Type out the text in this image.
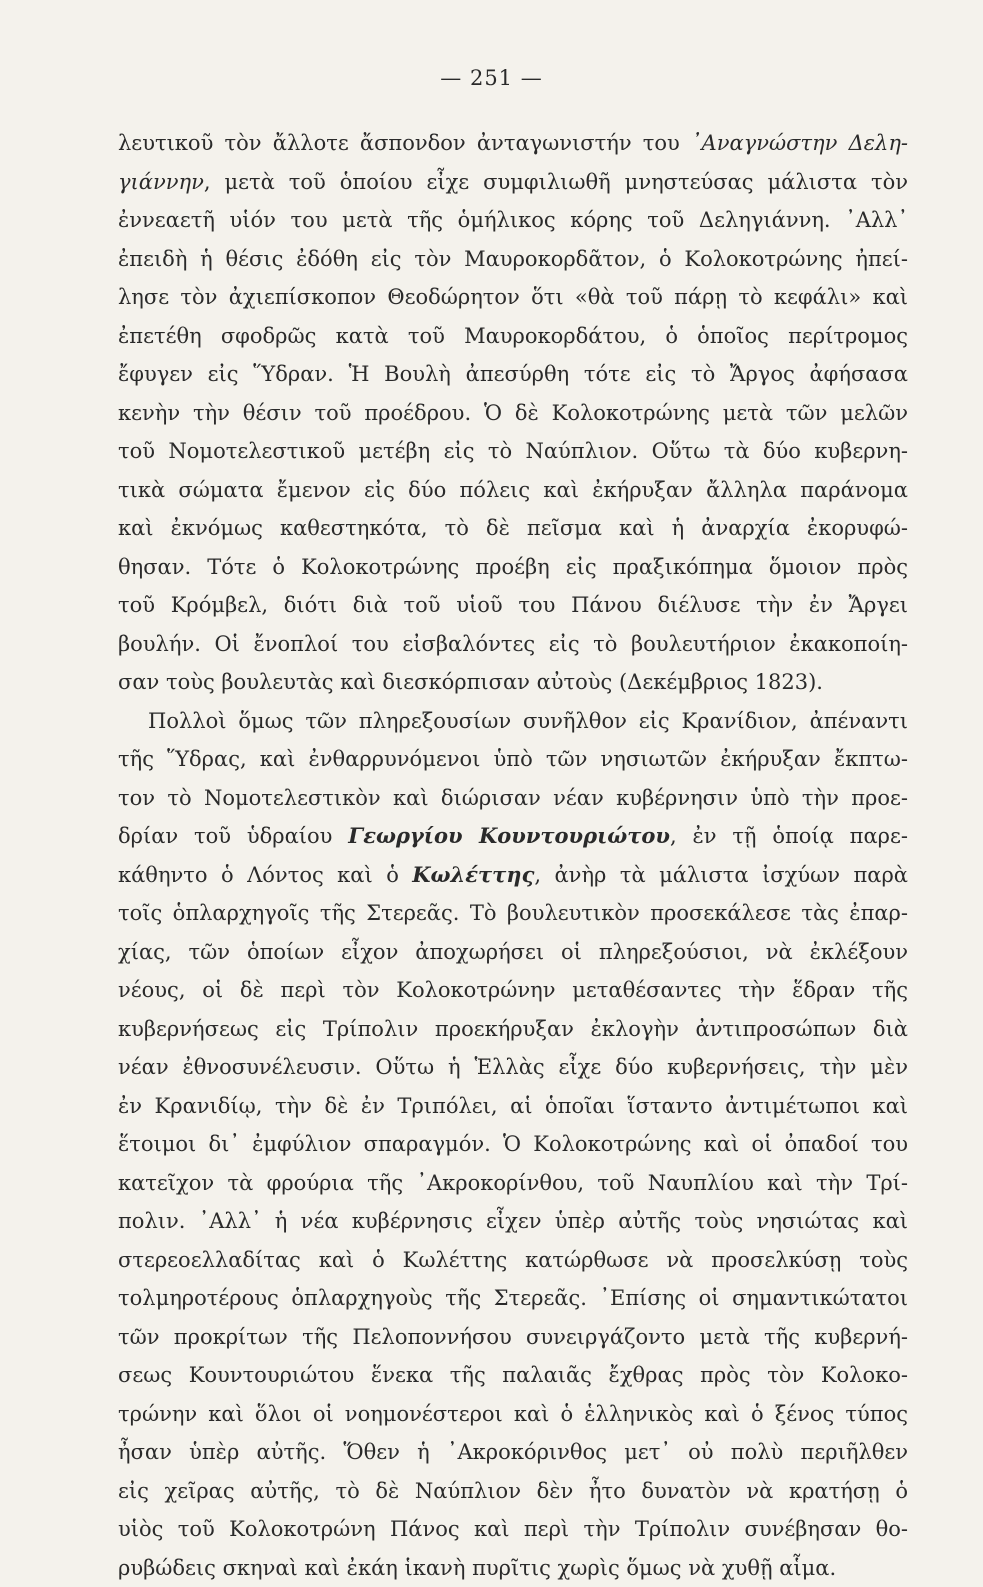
— 251 —
λευτικοῦ τὸν ἄλλοτε ἄσπονδον ἀνταγωνιστήν του ᾽Αναγνώστην Δελη-
γιάννην, μετὰ τοῦ ὁποίου εἶχε συμφιλιωθῆ μνηστεύσας μάλιστα τὸν
ἐννεαετῆ υἱόν του μετὰ τῆς ὁμήλικος κόρης τοῦ Δεληγιάννη. ᾽Αλλ᾽
ἐπειδὴ ἡ θέσις ἐδόθη εἰς τὸν Μαυροκορδᾶτον, ὁ Κολοκοτρώνης ἠπεί-
λησε τὸν ἀχιεπίσκοπον Θεοδώρητον ὅτι «θὰ τοῦ πάρῃ τὸ κεφάλι» καὶ
ἐπετέθη σφοδρῶς κατὰ τοῦ Μαυροκορδάτου, ὁ ὁποῖος περίτρομος
ἔφυγεν εἰς Ὕδραν. Ἡ Βουλὴ ἀπεσύρθη τότε εἰς τὸ Ἄργος ἀφήσασα
κενὴν τὴν θέσιν τοῦ προέδρου. Ὁ δὲ Κολοκοτρώνης μετὰ τῶν μελῶν
τοῦ Νομοτελεστικοῦ μετέβη εἰς τὸ Ναύπλιον. Οὕτω τὰ δύο κυβερνη-
τικὰ σώματα ἔμενον εἰς δύο πόλεις καὶ ἐκήρυξαν ἄλληλα παράνομα
καὶ ἐκνόμως καθεστηκότα, τὸ δὲ πεῖσμα καὶ ἡ ἀναρχία ἐκορυφώ-
θησαν. Τότε ὁ Κολοκοτρώνης προέβη εἰς πραξικόπημα ὅμοιον πρὸς
τοῦ Κρόμβελ, διότι διὰ τοῦ υἱοῦ του Πάνου διέλυσε τὴν ἐν Ἄργει
βουλήν. Οἱ ἔνοπλοί του εἰσβαλόντες εἰς τὸ βουλευτήριον ἐκακοποίη-
σαν τοὺς βουλευτὰς καὶ διεσκόρπισαν αὐτοὺς (Δεκέμβριος 1823).
Πολλοὶ ὅμως τῶν πληρεξουσίων συνῆλθον εἰς Κρανίδιον, ἀπέναντι
τῆς Ὕδρας, καὶ ἐνθαρρυνόμενοι ὑπὸ τῶν νησιωτῶν ἐκήρυξαν ἔκπτω-
τον τὸ Νομοτελεστικὸν καὶ διώρισαν νέαν κυβέρνησιν ὑπὸ τὴν προε-
δρίαν τοῦ ὑδραίου Γεωργίου Κουντουριώτου, ἐν τῇ ὁποίᾳ παρε-
κάθηντο ὁ Λόντος καὶ ὁ Κωλέττης, ἀνὴρ τὰ μάλιστα ἰσχύων παρὰ
τοῖς ὁπλαρχηγοῖς τῆς Στερεᾶς. Τὸ βουλευτικὸν προσεκάλεσε τὰς ἐπαρ-
χίας, τῶν ὁποίων εἶχον ἀποχωρήσει οἱ πληρεξούσιοι, νὰ ἐκλέξουν
νέους, οἱ δὲ περὶ τὸν Κολοκοτρώνην μεταθέσαντες τὴν ἕδραν τῆς
κυβερνήσεως εἰς Τρίπολιν προεκήρυξαν ἐκλογὴν ἀντιπροσώπων διὰ
νέαν ἐθνοσυνέλευσιν. Οὕτω ἡ Ἑλλὰς εἶχε δύο κυβερνήσεις, τὴν μὲν
ἐν Κρανιδίῳ, τὴν δὲ ἐν Τριπόλει, αἱ ὁποῖαι ἵσταντο ἀντιμέτωποι καὶ
ἕτοιμοι δι᾽ ἐμφύλιον σπαραγμόν. Ὁ Κολοκοτρώνης καὶ οἱ ὀπαδοί του
κατεῖχον τὰ φρούρια τῆς ᾽Ακροκορίνθου, τοῦ Ναυπλίου καὶ τὴν Τρί-
πολιν. ᾽Αλλ᾽ ἡ νέα κυβέρνησις εἶχεν ὑπὲρ αὐτῆς τοὺς νησιώτας καὶ
στερεοελλαδίτας καὶ ὁ Κωλέττης κατώρθωσε νὰ προσελκύσῃ τοὺς
τολμηροτέρους ὁπλαρχηγοὺς τῆς Στερεᾶς. ᾽Επίσης οἱ σημαντικώτατοι
τῶν προκρίτων τῆς Πελοποννήσου συνειργάζοντο μετὰ τῆς κυβερνή-
σεως Κουντουριώτου ἕνεκα τῆς παλαιᾶς ἔχθρας πρὸς τὸν Κολοκο-
τρώνην καὶ ὅλοι οἱ νοημονέστεροι καὶ ὁ ἑλληνικὸς καὶ ὁ ξένος τύπος
ἦσαν ὑπὲρ αὐτῆς. Ὅθεν ἡ ᾽Ακροκόρινθος μετ᾽ οὐ πολὺ περιῆλθεν
εἰς χεῖρας αὐτῆς, τὸ δὲ Ναύπλιον δὲν ἦτο δυνατὸν νὰ κρατήσῃ ὁ
υἱὸς τοῦ Κολοκοτρώνη Πάνος καὶ περὶ τὴν Τρίπολιν συνέβησαν θο-
ρυβώδεις σκηναὶ καὶ ἐκάη ἱκανὴ πυρῖτις χωρὶς ὅμως νὰ χυθῇ αἷμα.
